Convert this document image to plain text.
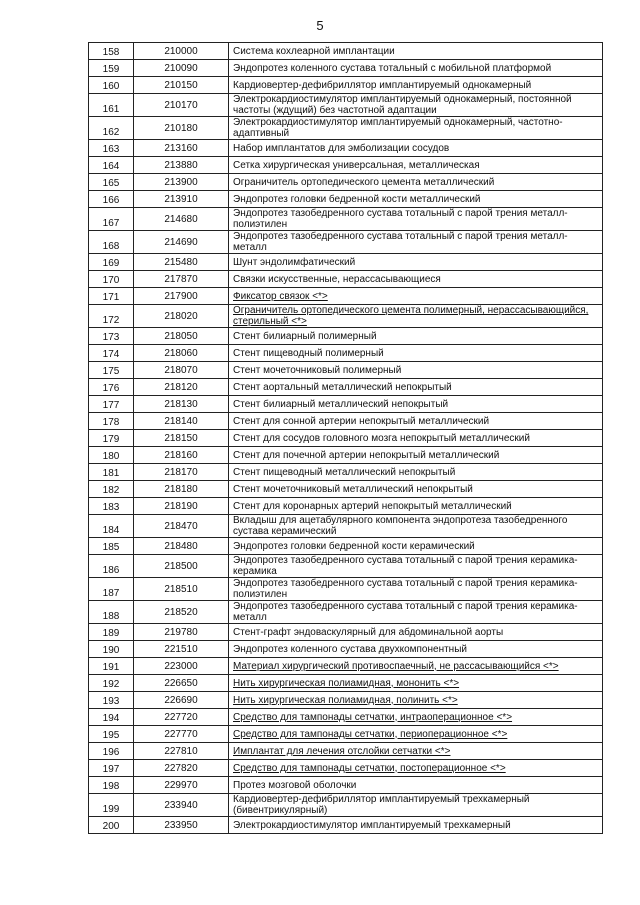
5
158	210000	Система кохлеарной имплантации
159	210090	Эндопротез коленного сустава тотальный с мобильной платформой
160	210150	Кардиовертер-дефибриллятор имплантируемый однокамерный
161	210170	Электрокардиостимулятор имплантируемый однокамерный, постоянной частоты (ждущий) без частотной адаптации
162	210180	Электрокардиостимулятор имплантируемый однокамерный, частотно-адаптивный
163	213160	Набор имплантатов для эмболизации сосудов
164	213880	Сетка хирургическая универсальная, металлическая
165	213900	Ограничитель ортопедического цемента металлический
166	213910	Эндопротез головки бедренной кости металлический
167	214680	Эндопротез тазобедренного сустава тотальный с парой трения металл-полиэтилен
168	214690	Эндопротез тазобедренного сустава тотальный с парой трения металл-металл
169	215480	Шунт эндолимфатический
170	217870	Связки искусственные, нерассасывающиеся
171	217900	Фиксатор связок <*>
172	218020	Ограничитель ортопедического цемента полимерный, нерассасывающийся, стерильный <*>
173	218050	Стент билиарный полимерный
174	218060	Стент пищеводный полимерный
175	218070	Стент мочеточниковый полимерный
176	218120	Стент аортальный металлический непокрытый
177	218130	Стент билиарный металлический непокрытый
178	218140	Стент для сонной артерии непокрытый металлический
179	218150	Стент для сосудов головного мозга непокрытый металлический
180	218160	Стент для почечной артерии непокрытый металлический
181	218170	Стент пищеводный металлический непокрытый
182	218180	Стент мочеточниковый металлический непокрытый
183	218190	Стент для коронарных артерий непокрытый металлический
184	218470	Вкладыш для ацетабулярного компонента эндопротеза тазобедренного сустава керамический
185	218480	Эндопротез головки бедренной кости керамический
186	218500	Эндопротез тазобедренного сустава тотальный с парой трения керамика-керамика
187	218510	Эндопротез тазобедренного сустава тотальный с парой трения керамика-полиэтилен
188	218520	Эндопротез тазобедренного сустава тотальный с парой трения керамика-металл
189	219780	Стент-графт эндоваскулярный для абдоминальной аорты
190	221510	Эндопротез коленного сустава двухкомпонентный
191	223000	Материал хирургический противоспаечный, не рассасывающийся <*>
192	226650	Нить хирургическая полиамидная, мононить <*>
193	226690	Нить хирургическая полиамидная, полинить <*>
194	227720	Средство для тампонады сетчатки, интраоперационное <*>
195	227770	Средство для тампонады сетчатки, периоперационное <*>
196	227810	Имплантат для лечения отслойки сетчатки <*>
197	227820	Средство для тампонады сетчатки, постоперационное <*>
198	229970	Протез мозговой оболочки
199	233940	Кардиовертер-дефибриллятор имплантируемый трехкамерный (бивентрикулярный)
200	233950	Электрокардиостимулятор имплантируемый трехкамерный
